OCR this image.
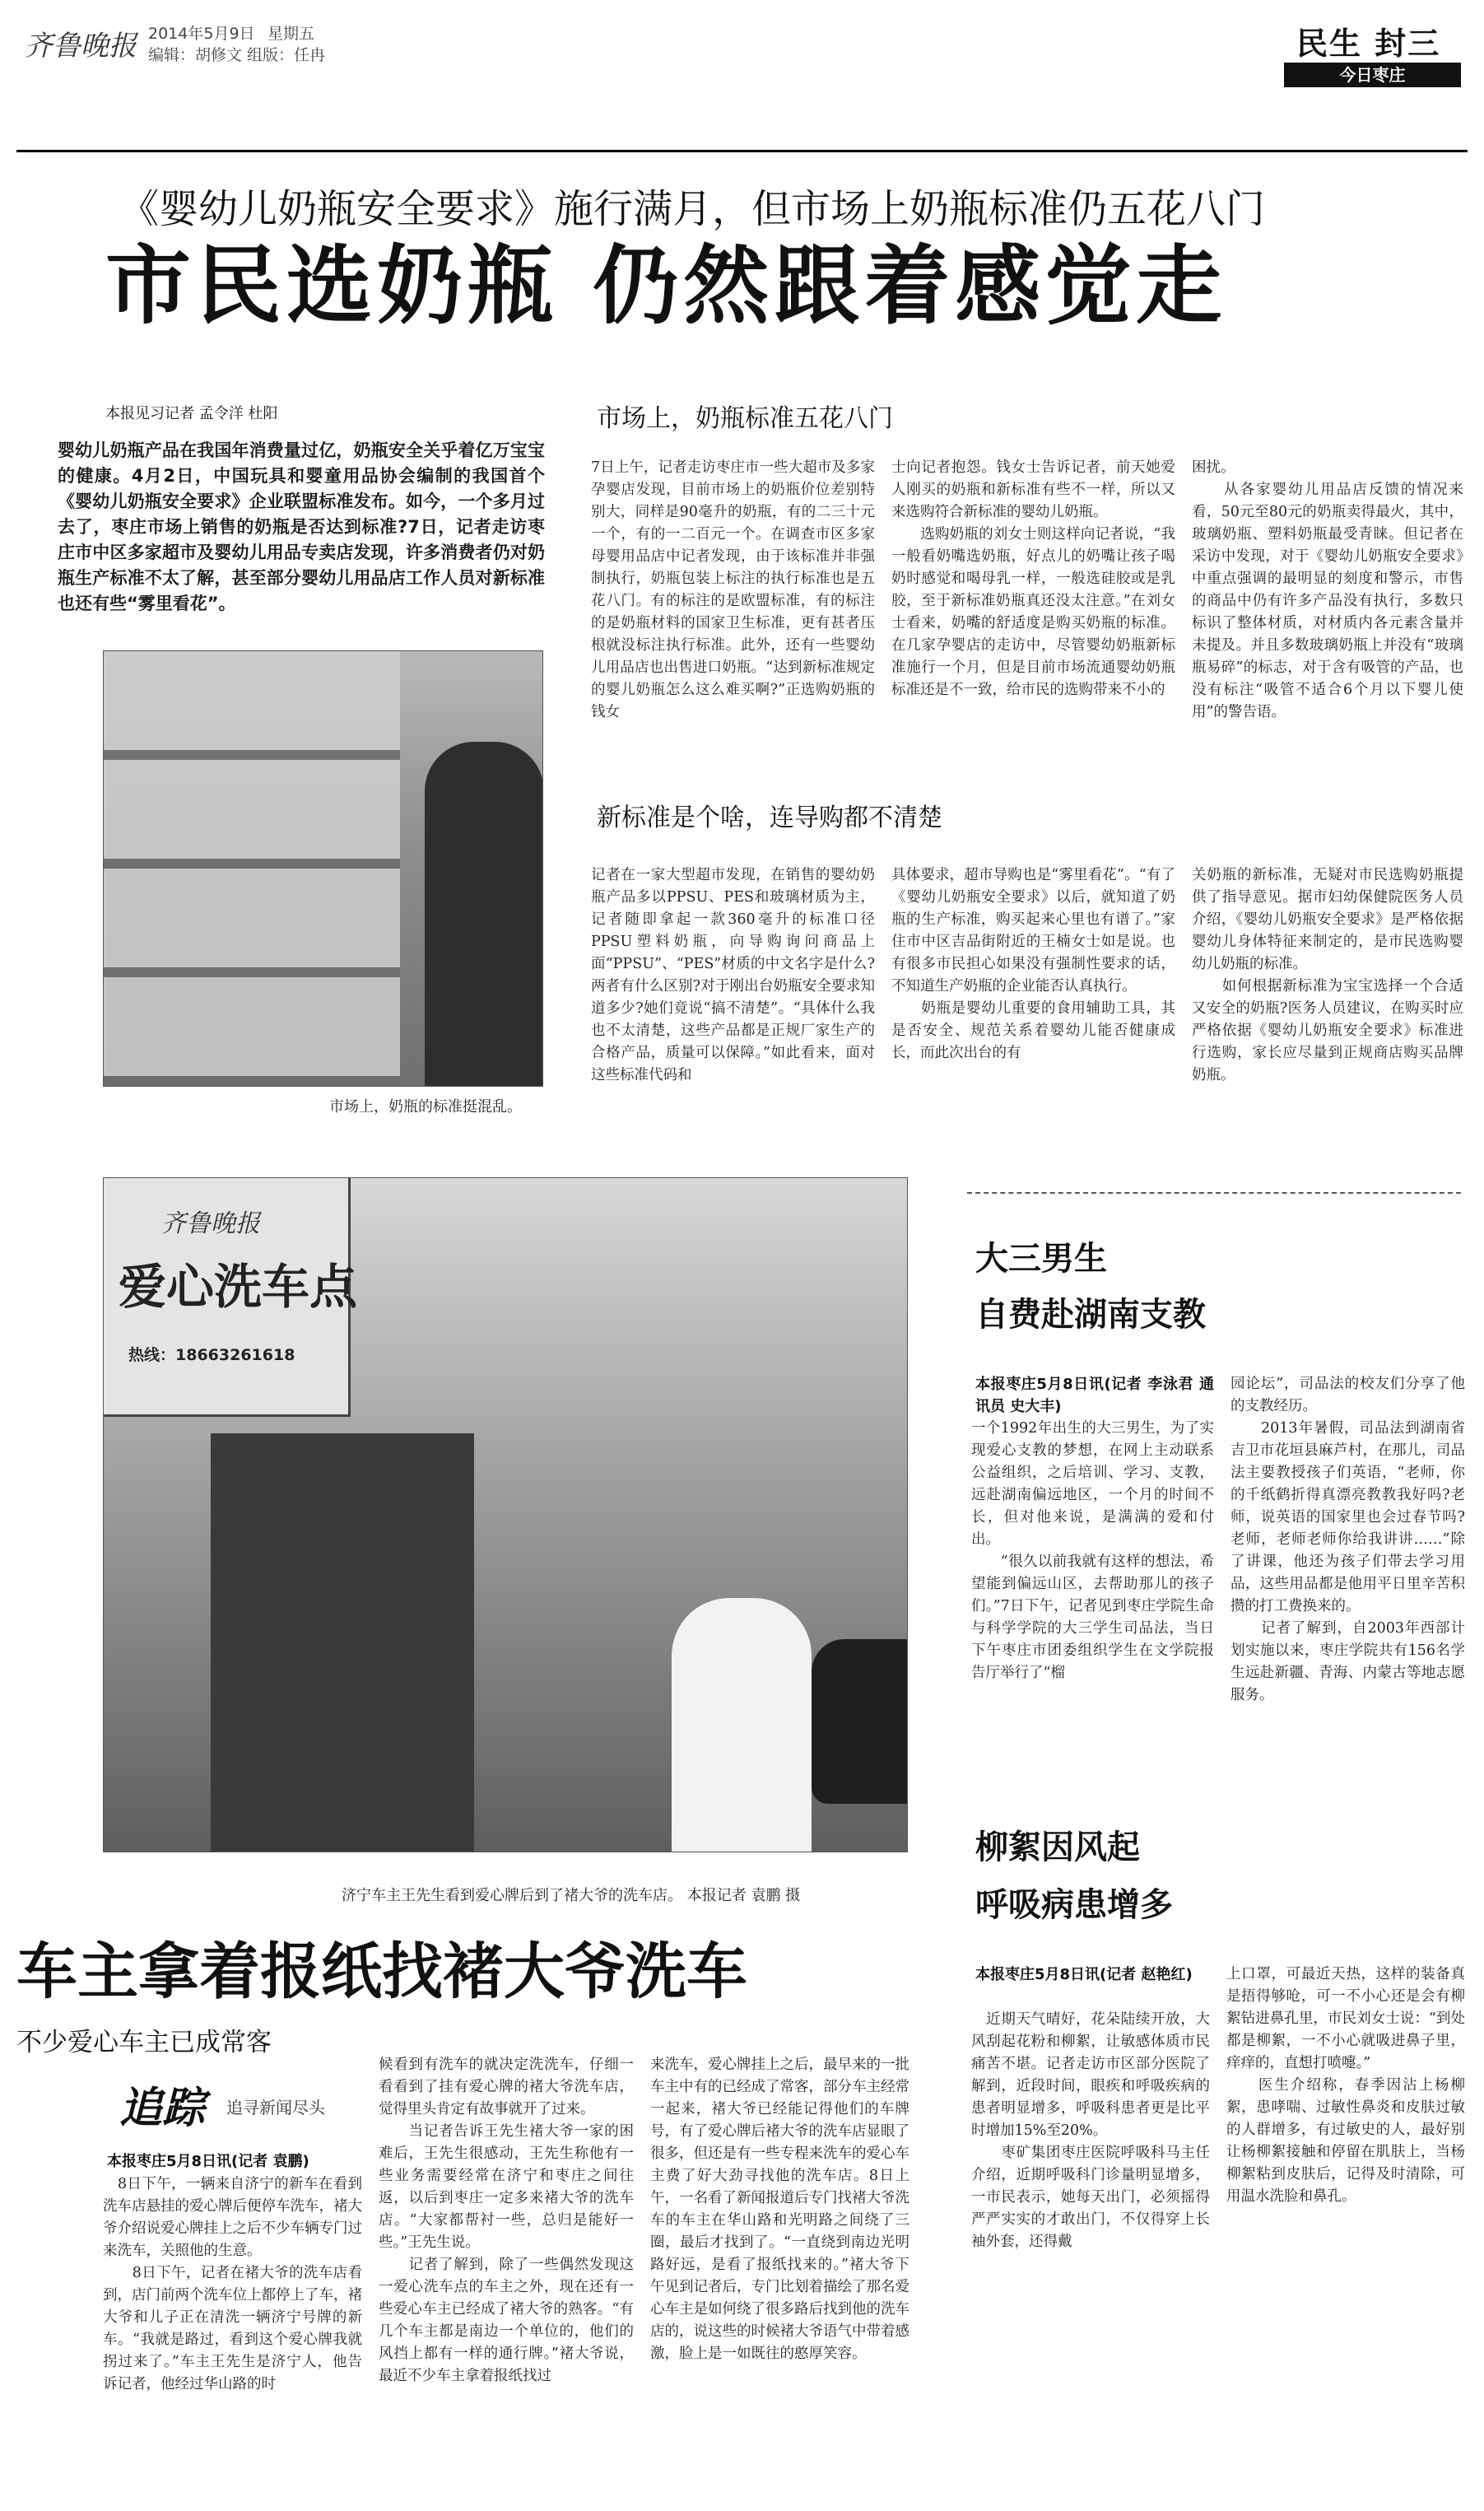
齐鲁晚报 2014年5月9日 星期五
编辑：胡修文 组版：任冉	民生 封三
今日枣庄
《婴幼儿奶瓶安全要求》施行满月，但市场上奶瓶标准仍五花八门
市民选奶瓶 仍然跟着感觉走
本报见习记者 孟令洋 杜阳
婴幼儿奶瓶产品在我国年消费量过亿，奶瓶安全关乎着亿万宝宝的健康。4月2日，中国玩具和婴童用品协会编制的我国首个《婴幼儿奶瓶安全要求》企业联盟标准发布。如今，一个多月过去了，枣庄市场上销售的奶瓶是否达到标准?7日，记者走访枣庄市中区多家超市及婴幼儿用品专卖店发现，许多消费者仍对奶瓶生产标准不太了解，甚至部分婴幼儿用品店工作人员对新标准也还有些“雾里看花”。
市场上，奶瓶的标准挺混乱。
市场上，奶瓶标准五花八门
7日上午，记者走访枣庄市一些大超市及多家孕婴店发现，目前市场上的奶瓶价位差别特别大，同样是90毫升的奶瓶，有的二三十元一个，有的一二百元一个。在调查市区多家母婴用品店中记者发现，由于该标准并非强制执行，奶瓶包装上标注的执行标准也是五花八门。有的标注的是欧盟标准，有的标注的是奶瓶材料的国家卫生标准，更有甚者压根就没标注执行标准。此外，还有一些婴幼儿用品店也出售进口奶瓶。“达到新标准规定的婴儿奶瓶怎么这么难买啊?”正选购奶瓶的钱女
士向记者抱怨。钱女士告诉记者，前天她爱人刚买的奶瓶和新标准有些不一样，所以又来选购符合新标准的婴幼儿奶瓶。
　　选购奶瓶的刘女士则这样向记者说，“我一般看奶嘴选奶瓶，好点儿的奶嘴让孩子喝奶时感觉和喝母乳一样，一般选硅胶或是乳胶，至于新标准奶瓶真还没太注意。”在刘女士看来，奶嘴的舒适度是购买奶瓶的标准。在几家孕婴店的走访中，尽管婴幼奶瓶新标准施行一个月，但是目前市场流通婴幼奶瓶标准还是不一致，给市民的选购带来不小的
困扰。
　　从各家婴幼儿用品店反馈的情况来看，50元至80元的奶瓶卖得最火，其中，玻璃奶瓶、塑料奶瓶最受青睐。但记者在采访中发现，对于《婴幼儿奶瓶安全要求》中重点强调的最明显的刻度和警示，市售的商品中仍有许多产品没有执行，多数只标识了整体材质，对材质内各元素含量并未提及。并且多数玻璃奶瓶上并没有“玻璃瓶易碎”的标志，对于含有吸管的产品，也没有标注“吸管不适合6个月以下婴儿使用”的警告语。
新标准是个啥，连导购都不清楚
记者在一家大型超市发现，在销售的婴幼奶瓶产品多以PPSU、PES和玻璃材质为主，记者随即拿起一款360毫升的标准口径PPSU塑料奶瓶，向导购询问商品上面“PPSU”、“PES”材质的中文名字是什么?两者有什么区别?对于刚出台奶瓶安全要求知道多少?她们竟说“搞不清楚”。“具体什么我也不太清楚，这些产品都是正规厂家生产的合格产品，质量可以保障。”如此看来，面对这些标准代码和
具体要求，超市导购也是“雾里看花”。“有了《婴幼儿奶瓶安全要求》以后，就知道了奶瓶的生产标准，购买起来心里也有谱了。”家住市中区吉品街附近的王楠女士如是说。也有很多市民担心如果没有强制性要求的话，不知道生产奶瓶的企业能否认真执行。
　　奶瓶是婴幼儿重要的食用辅助工具，其是否安全、规范关系着婴幼儿能否健康成长，而此次出台的有
关奶瓶的新标准，无疑对市民选购奶瓶提供了指导意见。据市妇幼保健院医务人员介绍，《婴幼儿奶瓶安全要求》是严格依据婴幼儿身体特征来制定的，是市民选购婴幼儿奶瓶的标准。
　　如何根据新标准为宝宝选择一个合适又安全的奶瓶?医务人员建议，在购买时应严格依据《婴幼儿奶瓶安全要求》标准进行选购，家长应尽量到正规商店购买品牌奶瓶。
齐鲁晚报
爱心洗车点
热线：18663261618
济宁车主王先生看到爱心牌后到了褚大爷的洗车店。 本报记者 袁鹏 摄
车主拿着报纸找褚大爷洗车
不少爱心车主已成常客
追踪 追寻新闻尽头
本报枣庄5月8日讯(记者 袁鹏)
　8日下午，一辆来自济宁的新车在看到洗车店悬挂的爱心牌后便停车洗车，褚大爷介绍说爱心牌挂上之后不少车辆专门过来洗车，关照他的生意。
　　8日下午，记者在褚大爷的洗车店看到，店门前两个洗车位上都停上了车，褚大爷和儿子正在清洗一辆济宁号牌的新车。“我就是路过，看到这个爱心牌我就拐过来了。”车主王先生是济宁人，他告诉记者，他经过华山路的时
候看到有洗车的就决定洗洗车，仔细一看看到了挂有爱心牌的褚大爷洗车店，觉得里头肯定有故事就开了过来。
　　当记者告诉王先生褚大爷一家的困难后，王先生很感动，王先生称他有一些业务需要经常在济宁和枣庄之间往返，以后到枣庄一定多来褚大爷的洗车店。“大家都帮衬一些，总归是能好一些。”王先生说。
　　记者了解到，除了一些偶然发现这一爱心洗车点的车主之外，现在还有一些爱心车主已经成了褚大爷的熟客。“有几个车主都是南边一个单位的，他们的风挡上都有一样的通行牌。”褚大爷说，最近不少车主拿着报纸找过
来洗车，爱心牌挂上之后，最早来的一批车主中有的已经成了常客，部分车主经常一起来，褚大爷已经能记得他们的车牌号，有了爱心牌后褚大爷的洗车店显眼了很多，但还是有一些专程来洗车的爱心车主费了好大劲寻找他的洗车店。8日上午，一名看了新闻报道后专门找褚大爷洗车的车主在华山路和光明路之间绕了三圈，最后才找到了。“一直绕到南边光明路好远，是看了报纸找来的。”褚大爷下午见到记者后，专门比划着描绘了那名爱心车主是如何绕了很多路后找到他的洗车店的，说这些的时候褚大爷语气中带着感激，脸上是一如既往的憨厚笑容。
大三男生
自费赴湖南支教
本报枣庄5月8日讯(记者 李泳君 通讯员 史大丰)
一个1992年出生的大三男生，为了实现爱心支教的梦想，在网上主动联系公益组织，之后培训、学习、支教，远赴湖南偏远地区，一个月的时间不长，但对他来说，是满满的爱和付出。
　　“很久以前我就有这样的想法，希望能到偏远山区，去帮助那儿的孩子们。”7日下午，记者见到枣庄学院生命与科学学院的大三学生司品法，当日下午枣庄市团委组织学生在文学院报告厅举行了“榴
园论坛”，司品法的校友们分享了他的支教经历。
　　2013年暑假，司品法到湖南省吉卫市花垣县麻芦村，在那儿，司品法主要教授孩子们英语，“老师，你的千纸鹤折得真漂亮教教我好吗?老师，说英语的国家里也会过春节吗?老师，老师老师你给我讲讲……”除了讲课，他还为孩子们带去学习用品，这些用品都是他用平日里辛苦积攒的打工费换来的。
　　记者了解到，自2003年西部计划实施以来，枣庄学院共有156名学生远赴新疆、青海、内蒙古等地志愿服务。
柳絮因风起
呼吸病患增多
本报枣庄5月8日讯(记者 赵艳红)
　近期天气晴好，花朵陆续开放，大风刮起花粉和柳絮，让敏感体质市民痛苦不堪。记者走访市区部分医院了解到，近段时间，眼疾和呼吸疾病的患者明显增多，呼吸科患者更是比平时增加15%至20%。
　　枣矿集团枣庄医院呼吸科马主任介绍，近期呼吸科门诊量明显增多，一市民表示，她每天出门，必须摇得严严实实的才敢出门，不仅得穿上长袖外套，还得戴
上口罩，可最近天热，这样的装备真是捂得够呛，可一不小心还是会有柳絮钻进鼻孔里，市民刘女士说：“到处都是柳絮，一不小心就吸进鼻子里，痒痒的，直想打喷嚏。”
　　医生介绍称，春季因沾上杨柳絮，患哮喘、过敏性鼻炎和皮肤过敏的人群增多，有过敏史的人，最好别让杨柳絮接触和停留在肌肤上，当杨柳絮粘到皮肤后，记得及时清除，可用温水洗脸和鼻孔。
